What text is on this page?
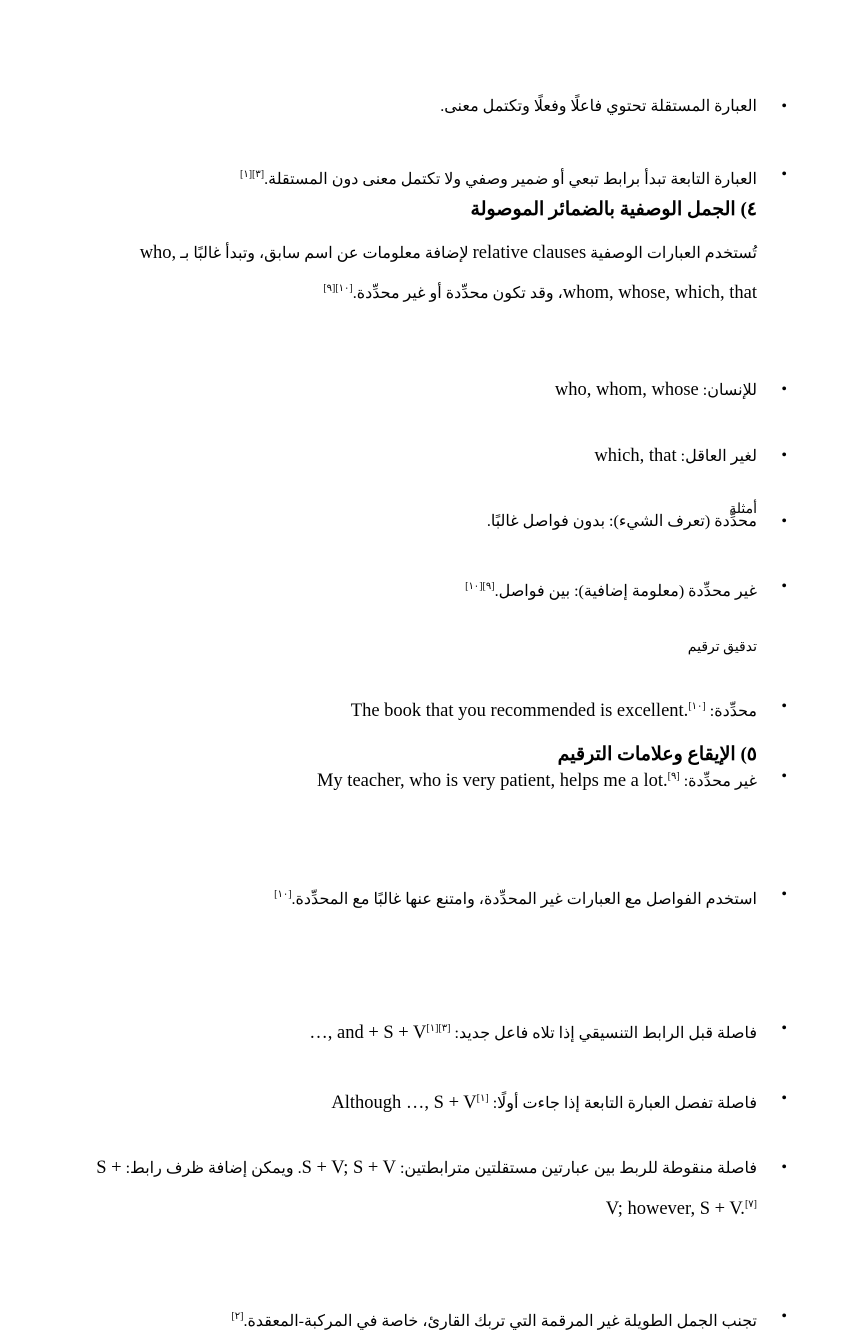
• العبارة المستقلة تحتوي فاعلًا وفعلًا وتكتمل معنى.
• العبارة التابعة تبدأ برابط تبعي أو ضمير وصفي ولا تكتمل معنى دون المستقلة.[١][٣]
٤) الجمل الوصفية بالضمائر الموصولة
تُستخدم العبارات الوصفية relative clauses لإضافة معلومات عن اسم سابق، وتبدأ غالبًا بـ who, whom, whose, which, that، وقد تكون محدِّدة أو غير محدِّدة.[٩][١٠]
• للإنسان: who, whom, whose
• لغير العاقل: which, that
• محدِّدة (تعرف الشيء): بدون فواصل غالبًا.
• غير محدِّدة (معلومة إضافية): بين فواصل.[١٠][٩]
أمثلة
• محدِّدة: The book that you recommended is excellent.[١٠]
• غير محدِّدة: My teacher, who is very patient, helps me a lot.[٩]
تدقيق ترقيم
• استخدم الفواصل مع العبارات غير المحدِّدة، وامتنع عنها غالبًا مع المحدِّدة.[١٠]
٥) الإيقاع وعلامات الترقيم
• فاصلة قبل الرابط التنسيقي إذا تلاه فاعل جديد: …, and + S + V[١][٣]
• فاصلة تفصل العبارة التابعة إذا جاءت أولًا: Although …, S + V[١]
• فاصلة منقوطة للربط بين عبارتين مستقلتين مترابطتين: S + V; S + V. ويمكن إضافة ظرف رابط: S + V; however, S + V.[٧]
• تجنب الجمل الطويلة غير المرقمة التي تربك القارئ، خاصة في المركبة-المعقدة.[٢]
